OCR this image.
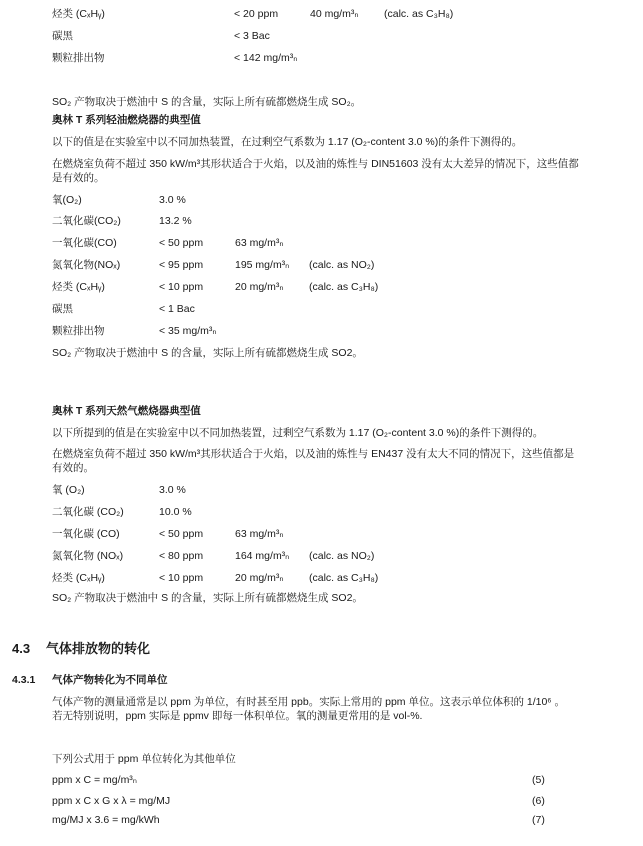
烃类 (CₓHᵧ)	< 20 ppm	40 mg/m³ₙ (calc. as C₃H₈)
碳黑	< 3 Bac
颗粒排出物	< 142 mg/m³ₙ
SO₂ 产物取决于燃油中 S 的含量，实际上所有硫都燃烧生成 SO₂。
奥林 T 系列轻油燃烧器的典型值
以下的值是在实验室中以不同加热装置，在过剩空气系数为 1.17 (O₂-content 3.0 %)的条件下测得的。
在燃烧室负荷不超过 350 kW/m³其形状适合于火焰，以及油的炼性与 DIN51603 没有太大差异的情况下，这些值都
是有效的。
氧(O₂)	3.0 %
二氧化碳(CO₂)	13.2 %
一氧化碳(CO)	< 50 ppm	63 mg/m³ₙ
氮氧化物(NOₓ)	< 95 ppm	195 mg/m³ₙ (calc. as NO₂)
烃类 (CₓHᵧ)	< 10 ppm	20 mg/m³ₙ (calc. as C₃H₈)
碳黑	< 1 Bac
颗粒排出物	< 35 mg/m³ₙ
SO₂ 产物取决于燃油中 S 的含量，实际上所有硫都燃烧生成 SO2。
奥林 T 系列天然气燃烧器典型值
以下所提到的值是在实验室中以不同加热装置，过剩空气系数为 1.17 (O₂-content 3.0 %)的条件下测得的。
在燃烧室负荷不超过 350 kW/m³其形状适合于火焰，以及油的炼性与 EN437 没有太大不同的情况下，这些值都是
有效的。
氧 (O₂)	3.0 %
二氧化碳 (CO₂)	10.0 %
一氧化碳 (CO)	< 50 ppm	63 mg/m³ₙ
氮氧化物 (NOₓ)	< 80 ppm	164 mg/m³ₙ (calc. as NO₂)
烃类 (CₓHᵧ)	< 10 ppm	20 mg/m³ₙ (calc. as C₃H₈)
SO₂ 产物取决于燃油中 S 的含量，实际上所有硫都燃烧生成 SO2。
4.3 气体排放物的转化
4.3.1 气体产物转化为不同单位
气体产物的测量通常是以 ppm 为单位，有时甚至用 ppb。实际上常用的 ppm 单位。这表示单位体积的 1/10⁶ 。
若无特别说明，ppm 实际是 ppmv 即每一体积单位。氧的测量更常用的是 vol-%.
下列公式用于 ppm 单位转化为其他单位
ppm x C = mg/m³ₙ	(5)
ppm x C x G x λ = mg/MJ	(6)
mg/MJ x 3.6 = mg/kWh	(7)
